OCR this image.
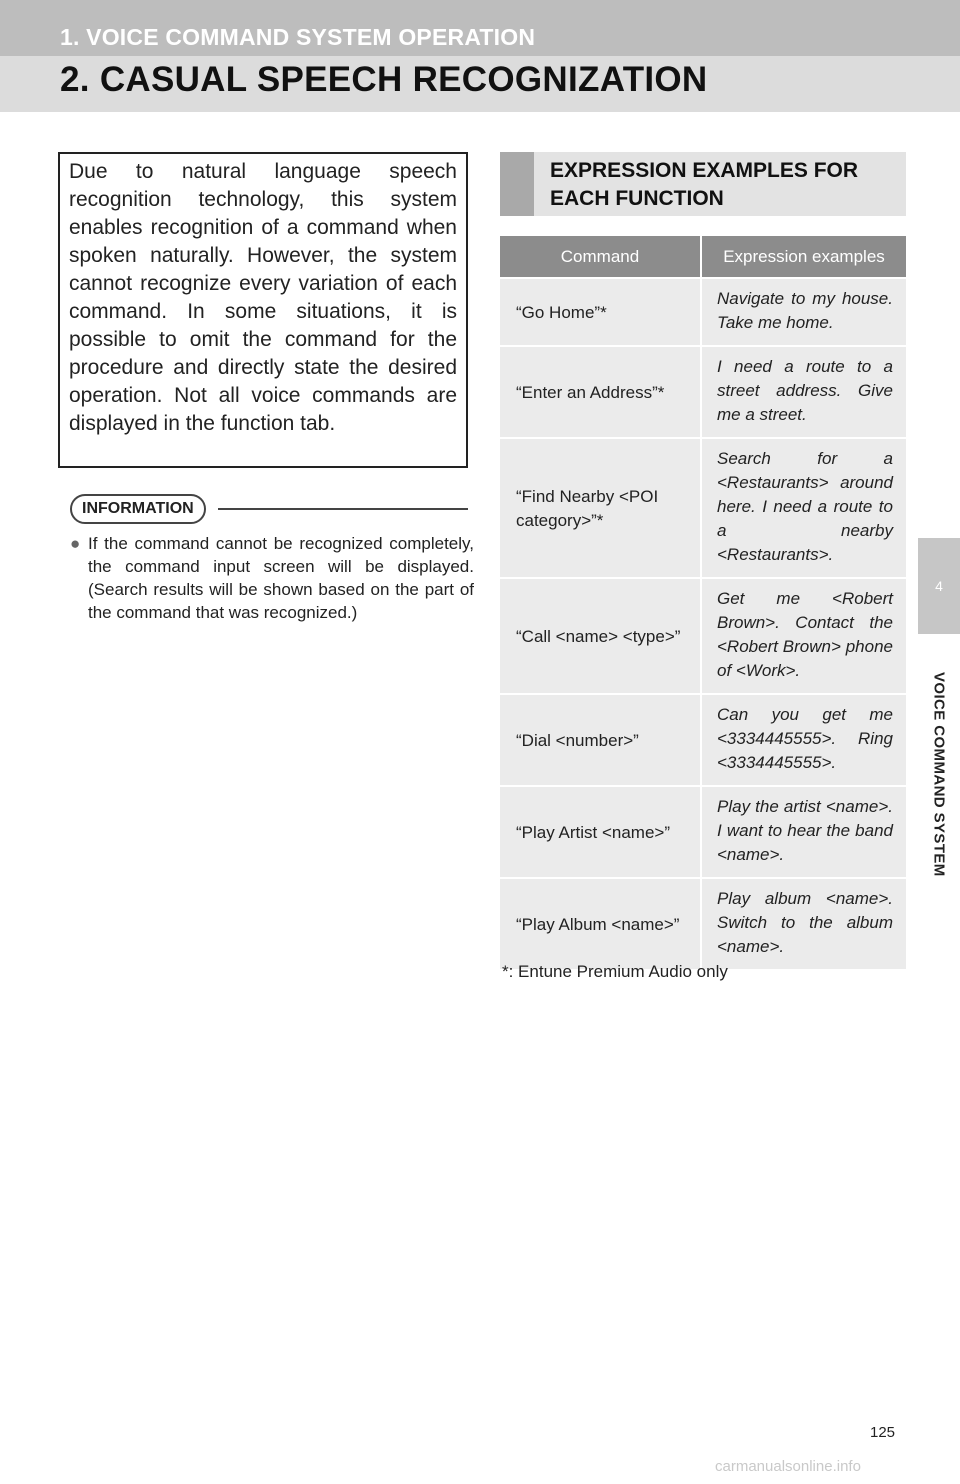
1. VOICE COMMAND SYSTEM OPERATION
2. CASUAL SPEECH RECOGNIZATION
4
VOICE COMMAND SYSTEM
Due to natural language speech recognition technology, this system enables recognition of a command when spoken naturally. However, the system cannot recognize every variation of each command. In some situations, it is possible to omit the command for the procedure and directly state the desired operation. Not all voice commands are displayed in the function tab.
INFORMATION
● If the command cannot be recognized completely, the command input screen will be displayed. (Search results will be shown based on the part of the command that was recognized.)
EXPRESSION EXAMPLES FOR EACH FUNCTION
Command	Expression examples
“Go Home”*	Navigate to my house. Take me home.
“Enter an Address”*	I need a route to a street address. Give me a street.
“Find Nearby <POI category>”*	Search for a <Restaurants> around here. I need a route to a nearby <Restaurants>.
“Call <name> <type>”	Get me <Robert Brown>. Contact the <Robert Brown> phone of <Work>.
“Dial <number>”	Can you get me <3334445555>. Ring <3334445555>.
“Play Artist <name>”	Play the artist <name>. I want to hear the band <name>.
“Play Album <name>”	Play album <name>. Switch to the album <name>.
*: Entune Premium Audio only
125
carmanualsonline.info
